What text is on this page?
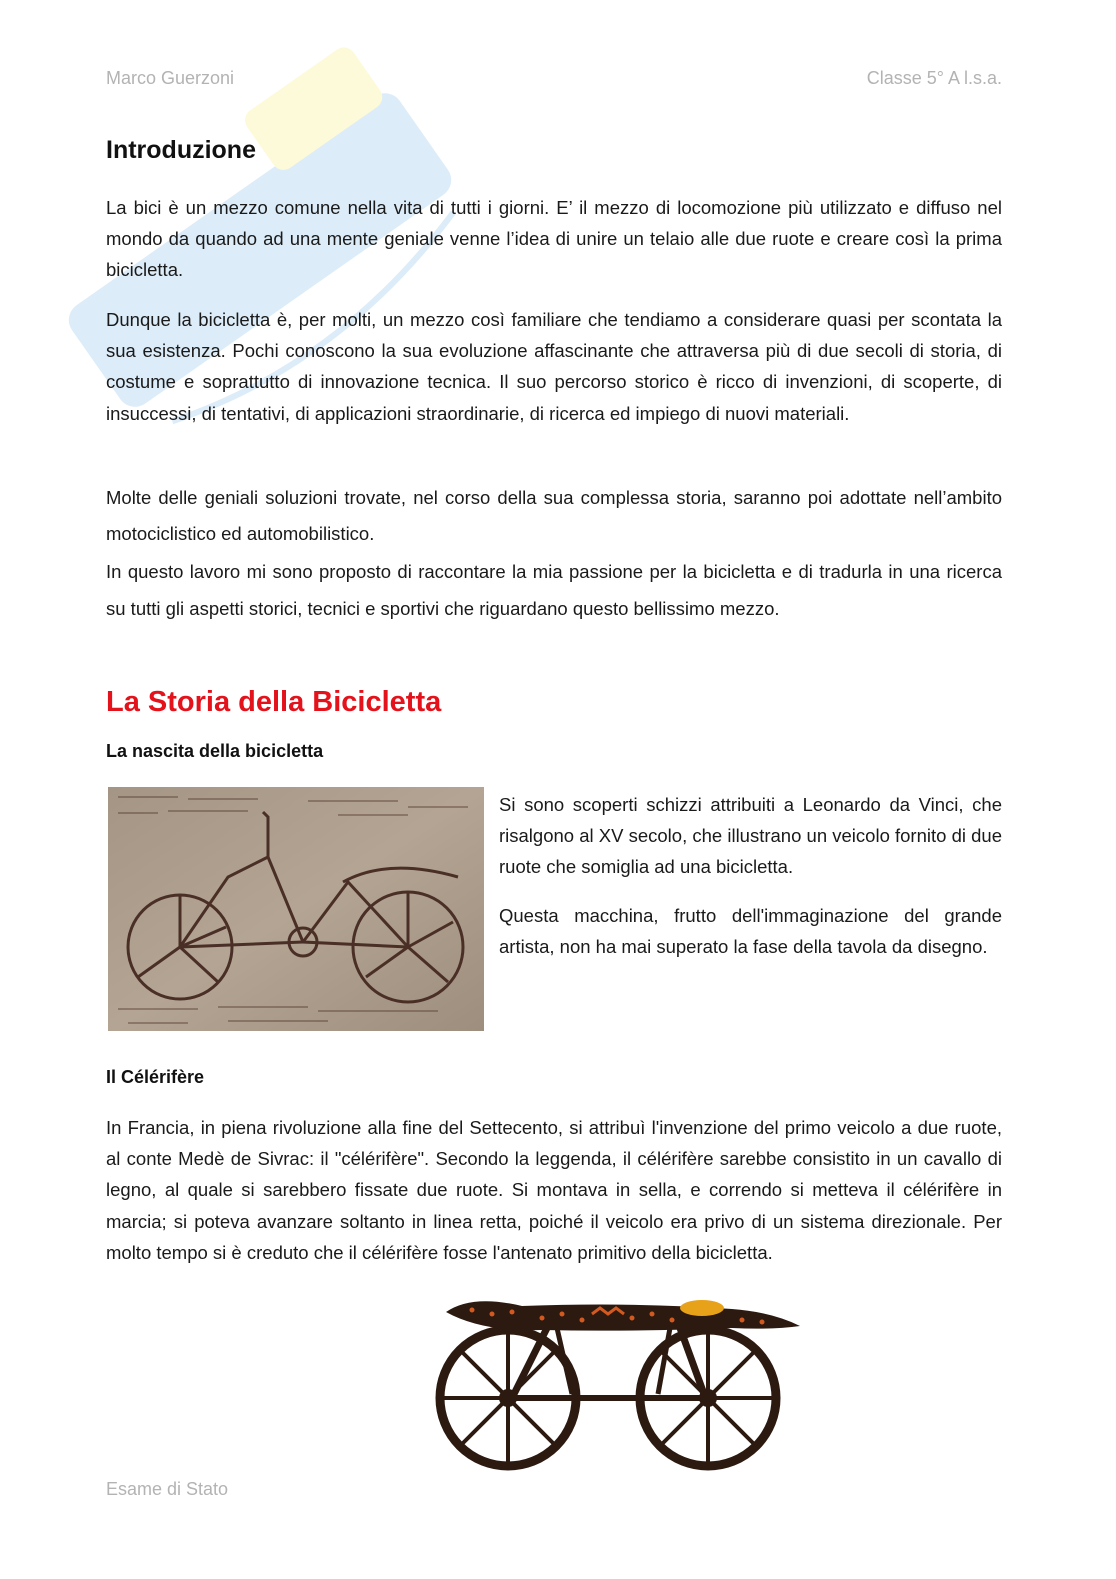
Marco Guerzoni	Classe 5° A l.s.a.
Introduzione

La bici è un mezzo comune nella vita di tutti i giorni. E’ il mezzo di locomozione più utilizzato e diffuso nel mondo da quando ad una mente geniale venne l’idea di unire un telaio alle due ruote e creare così la prima bicicletta.

Dunque la bicicletta è, per molti, un mezzo così familiare che tendiamo a considerare quasi per scontata la sua esistenza. Pochi conoscono la sua evoluzione affascinante che attraversa più di due secoli di storia, di costume e soprattutto di innovazione tecnica. Il suo percorso storico è ricco di invenzioni, di scoperte, di insuccessi, di tentativi, di applicazioni straordinarie, di ricerca ed impiego di nuovi materiali.

Molte delle geniali soluzioni trovate, nel corso della sua complessa storia, saranno poi adottate nell’ambito motociclistico ed automobilistico.

In questo lavoro mi sono proposto di raccontare la mia passione per la bicicletta e di tradurla in una ricerca su tutti gli aspetti storici, tecnici e sportivi che riguardano questo bellissimo mezzo.

La Storia della Bicicletta
La nascita della bicicletta

Si sono scoperti schizzi attribuiti a Leonardo da Vinci, che risalgono al XV secolo, che illustrano un veicolo fornito di due ruote che somiglia ad una bicicletta.

Questa macchina, frutto dell'immaginazione del grande artista, non ha mai superato la fase della tavola da disegno.

Il Célérifère

In Francia, in piena rivoluzione alla fine del Settecento, si attribuì l'invenzione del primo veicolo a due ruote, al conte Medè de Sivrac: il "célérifère". Secondo la leggenda, il célérifère sarebbe consistito in un cavallo di legno, al quale si sarebbero fissate due ruote. Si montava in sella, e correndo si metteva il célérifère in marcia; si poteva avanzare soltanto in linea retta, poiché il veicolo era privo di un sistema direzionale. Per molto tempo si è creduto che il célérifère fosse l'antenato primitivo della bicicletta.

Esame di Stato
